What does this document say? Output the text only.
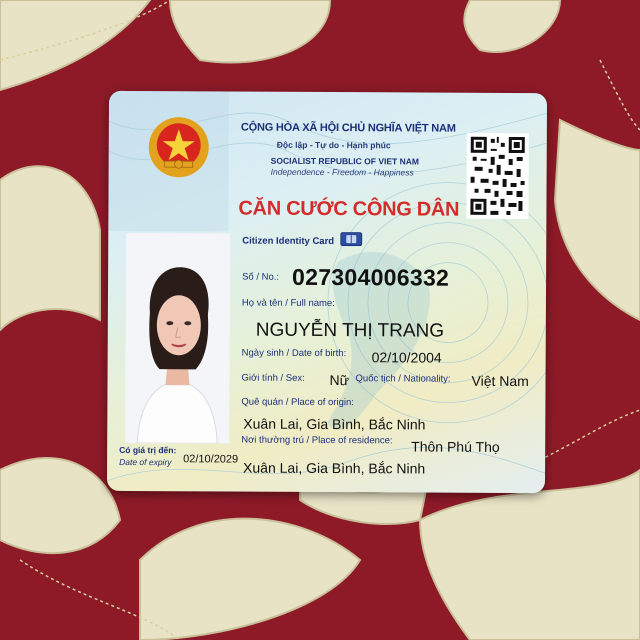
CỘNG HÒA XÃ HỘI CHỦ NGHĨA VIỆT NAM
Độc lập - Tự do - Hạnh phúc
SOCIALIST REPUBLIC OF VIET NAM
Independence - Freedom - Happiness
CĂN CƯỚC CÔNG DÂN
Citizen Identity Card
Số / No.: 027304006332
Họ và tên / Full name:
NGUYỄN THỊ TRANG
Ngày sinh / Date of birth: 02/10/2004
Giới tính / Sex: Nữ Quốc tịch / Nationality: Việt Nam
Quê quán / Place of origin:
Xuân Lai, Gia Bình, Bắc Ninh
Nơi thường trú / Place of residence: Thôn Phú Thọ
Xuân Lai, Gia Bình, Bắc Ninh
Có giá trị đến:
Date of expiry 02/10/2029
